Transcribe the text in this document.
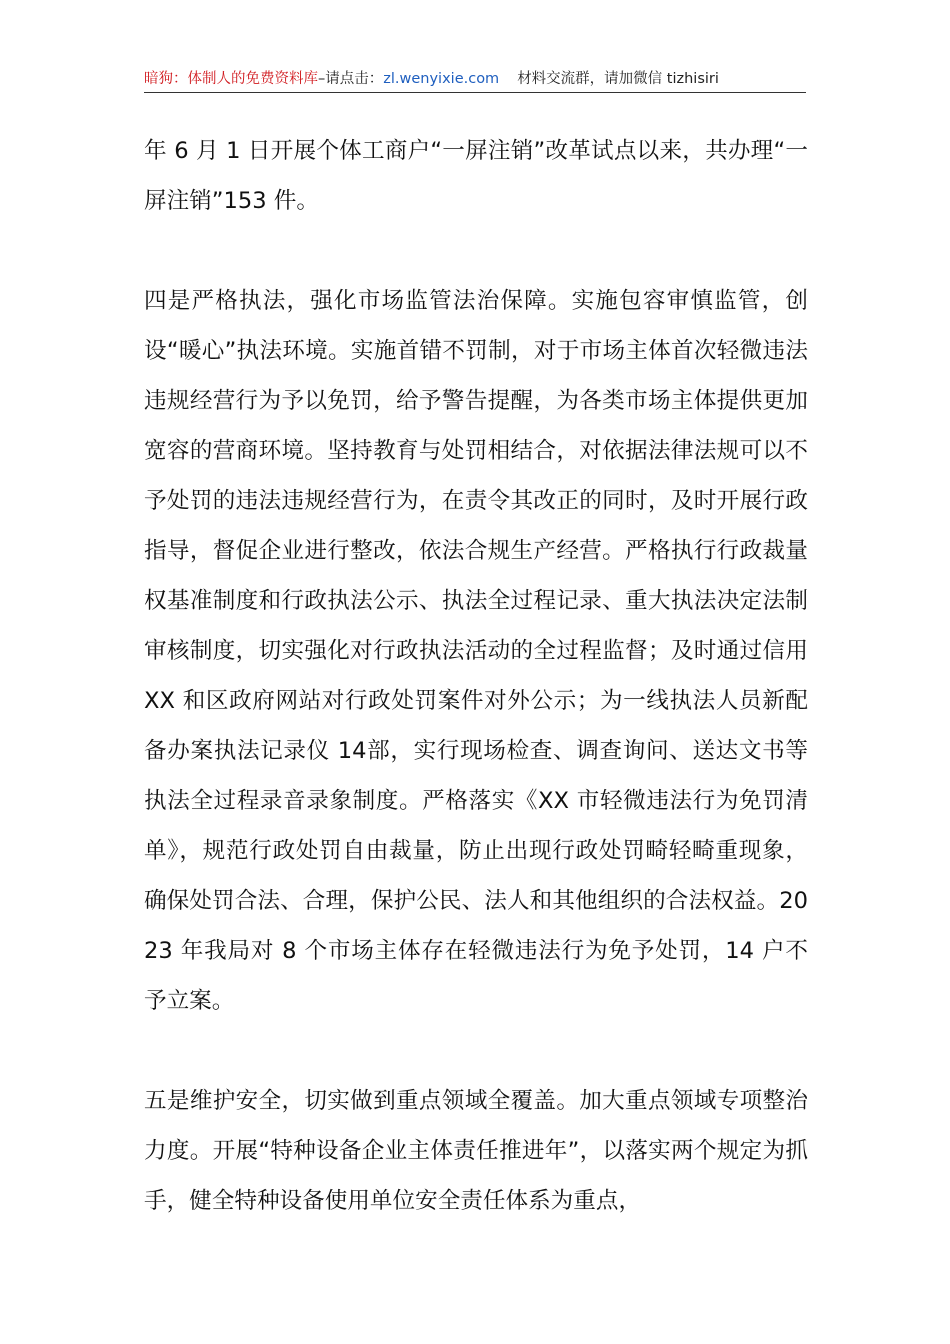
暗狗：体制人的免费资料库–请点击：zl.wenyixie.com 材料交流群，请加微信 tizhisiri

年 6 月 1 日开展个体工商户“一屏注销”改革试点以来，共办理“一屏注销”153 件。

四是严格执法，强化市场监管法治保障。实施包容审慎监管，创设“暖心”执法环境。实施首错不罚制，对于市场主体首次轻微违法违规经营行为予以免罚，给予警告提醒，为各类市场主体提供更加宽容的营商环境。坚持教育与处罚相结合，对依据法律法规可以不予处罚的违法违规经营行为，在责令其改正的同时，及时开展行政指导，督促企业进行整改，依法合规生产经营。严格执行行政裁量权基准制度和行政执法公示、执法全过程记录、重大执法决定法制审核制度，切实强化对行政执法活动的全过程监督；及时通过信用 XX 和区政府网站对行政处罚案件对外公示；为一线执法人员新配备办案执法记录仪 14部，实行现场检查、调查询问、送达文书等执法全过程录音录象制度。严格落实《XX 市轻微违法行为免罚清单》，规范行政处罚自由裁量，防止出现行政处罚畸轻畸重现象，确保处罚合法、合理，保护公民、法人和其他组织的合法权益。2023 年我局对 8 个市场主体存在轻微违法行为免予处罚，14 户不予立案。

五是维护安全，切实做到重点领域全覆盖。加大重点领域专项整治力度。开展“特种设备企业主体责任推进年”，以落实两个规定为抓手，健全特种设备使用单位安全责任体系为重点，
